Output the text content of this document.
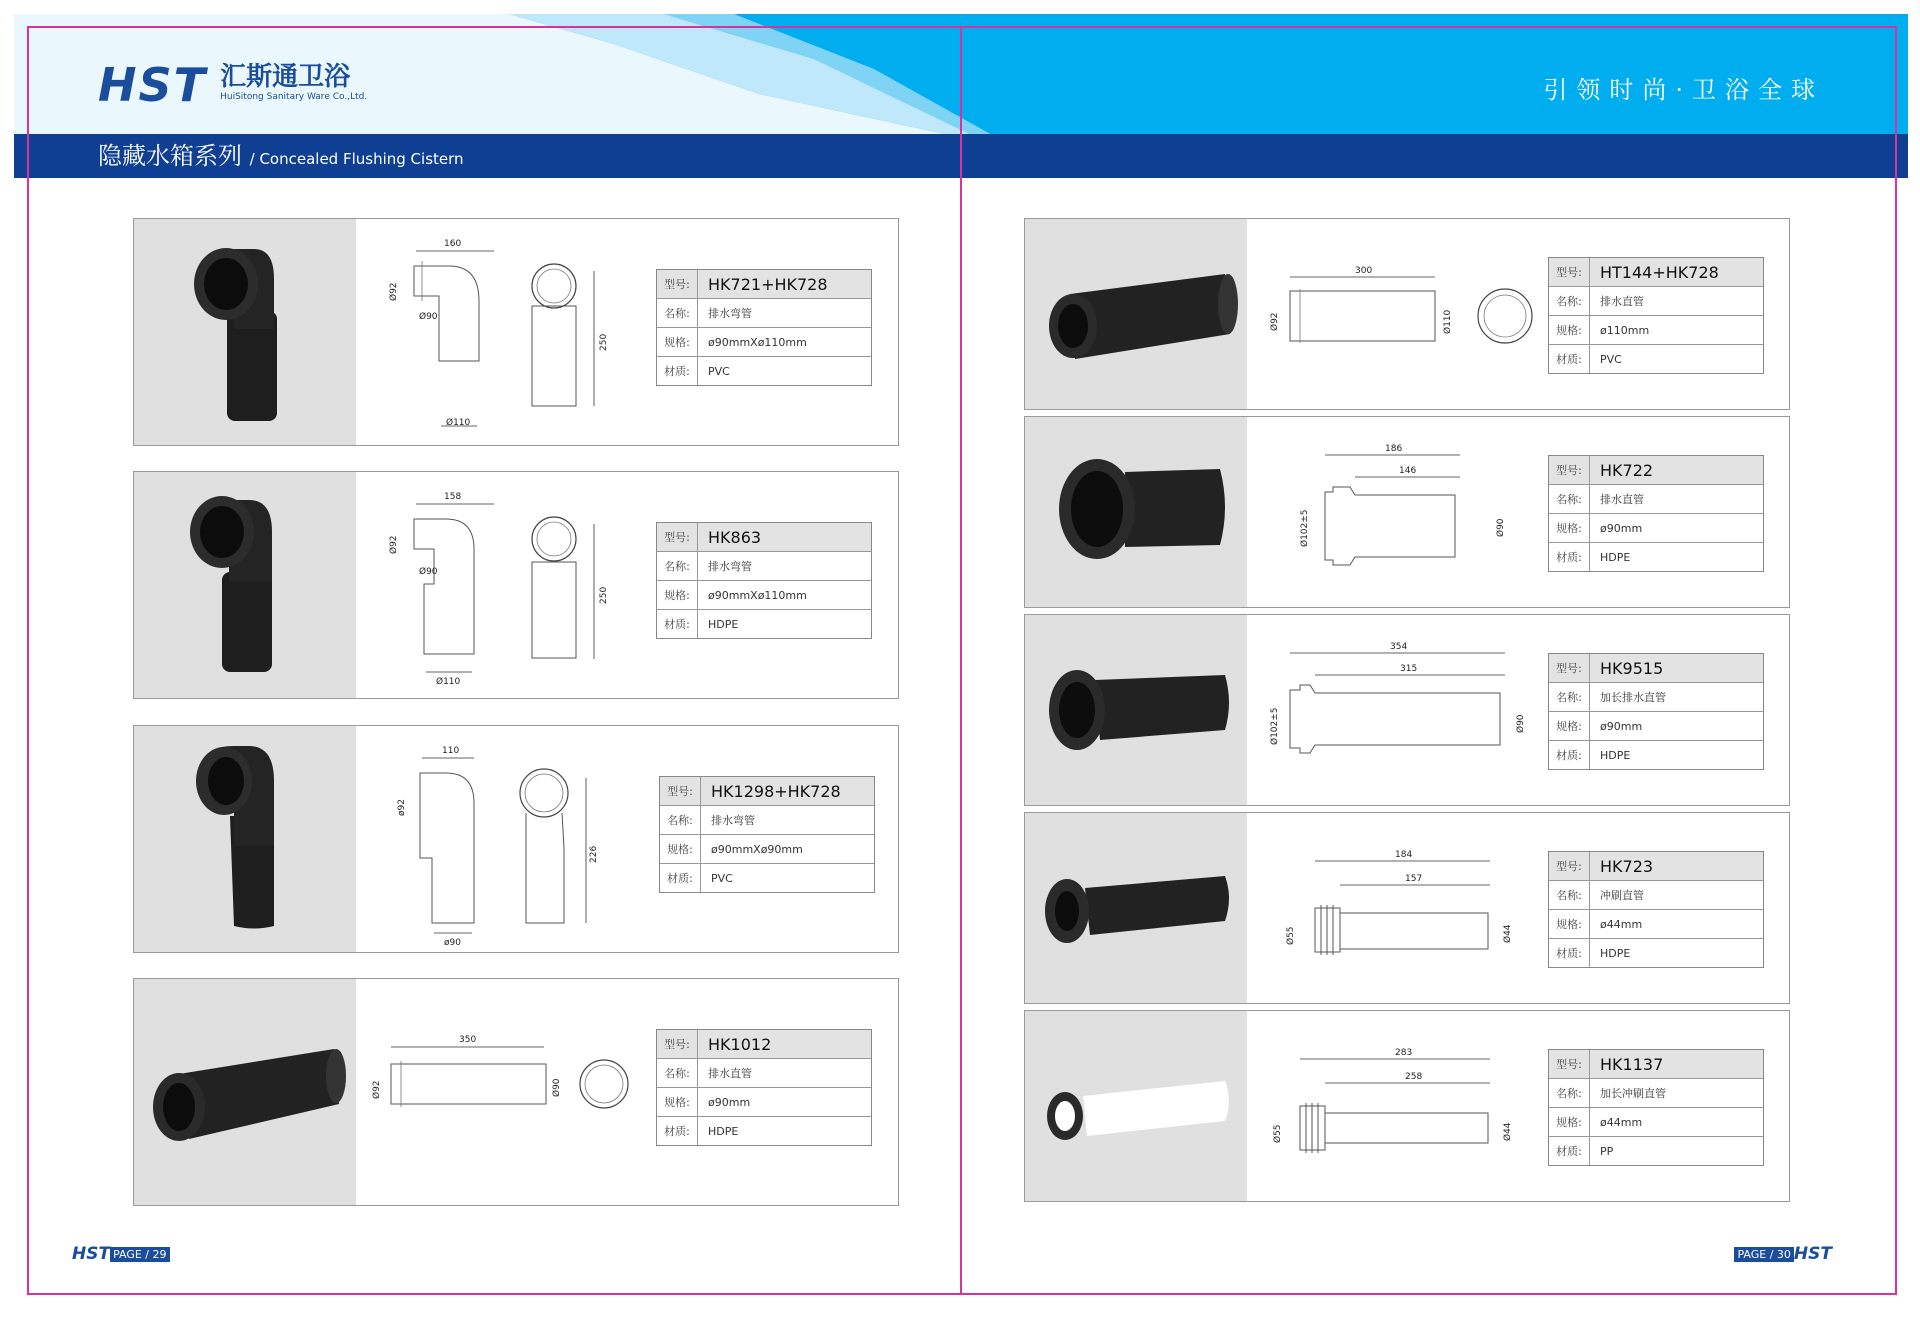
HST 汇斯通卫浴
HuiSitong Sanitary Ware Co.,Ltd.	引领时尚·卫浴全球
隐藏水箱系列 / Concealed Flushing Cistern
160
Ø92
Ø90
Ø110
250
型号:	HK721+HK728
名称:	排水弯管
规格:	ø90mmXø110mm
材质:	PVC
158
Ø92
Ø90
Ø110
250
型号:	HK863
名称:	排水弯管
规格:	ø90mmXø110mm
材质:	HDPE
110
ø92
ø90
226
型号:	HK1298+HK728
名称:	排水弯管
规格:	ø90mmXø90mm
材质:	PVC
350
Ø92	Ø90
型号:	HK1012
名称:	排水直管
规格:	ø90mm
材质:	HDPE
300
Ø92	Ø110
型号:	HT144+HK728
名称:	排水直管
规格:	ø110mm
材质:	PVC
186
146
Ø102±5	Ø90
型号:	HK722
名称:	排水直管
规格:	ø90mm
材质:	HDPE
354
315
Ø102±5	Ø90
型号:	HK9515
名称:	加长排水直管
规格:	ø90mm
材质:	HDPE
184
157
Ø55	Ø44
型号:	HK723
名称:	冲刷直管
规格:	ø44mm
材质:	HDPE
283
258
Ø55	Ø44
型号:	HK1137
名称:	加长冲刷直管
规格:	ø44mm
材质:	PP
HST PAGE / 29	PAGE / 30 HST
